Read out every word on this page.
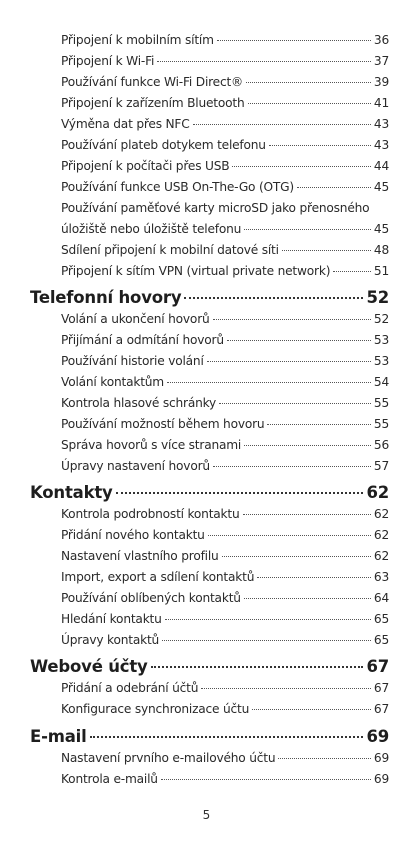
Připojení k mobilním sítím	36
Připojení k Wi-Fi	37
Používání funkce Wi-Fi Direct®	39
Připojení k zařízením Bluetooth	41
Výměna dat přes NFC	43
Používání plateb dotykem telefonu	43
Připojení k počítači přes USB	44
Používání funkce USB On-The-Go (OTG)	45
Používání paměťové karty microSD jako přenosného
úložiště nebo úložiště telefonu	45
Sdílení připojení k mobilní datové síti	48
Připojení k sítím VPN (virtual private network)	51
Telefonní hovory	52
Volání a ukončení hovorů	52
Přijímání a odmítání hovorů	53
Používání historie volání	53
Volání kontaktům	54
Kontrola hlasové schránky	55
Používání možností během hovoru	55
Správa hovorů s více stranami	56
Úpravy nastavení hovorů	57
Kontakty	62
Kontrola podrobností kontaktu	62
Přidání nového kontaktu	62
Nastavení vlastního profilu	62
Import, export a sdílení kontaktů	63
Používání oblíbených kontaktů	64
Hledání kontaktu	65
Úpravy kontaktů	65
Webové účty	67
Přidání a odebrání účtů	67
Konfigurace synchronizace účtu	67
E-mail	69
Nastavení prvního e-mailového účtu	69
Kontrola e-mailů	69
5
